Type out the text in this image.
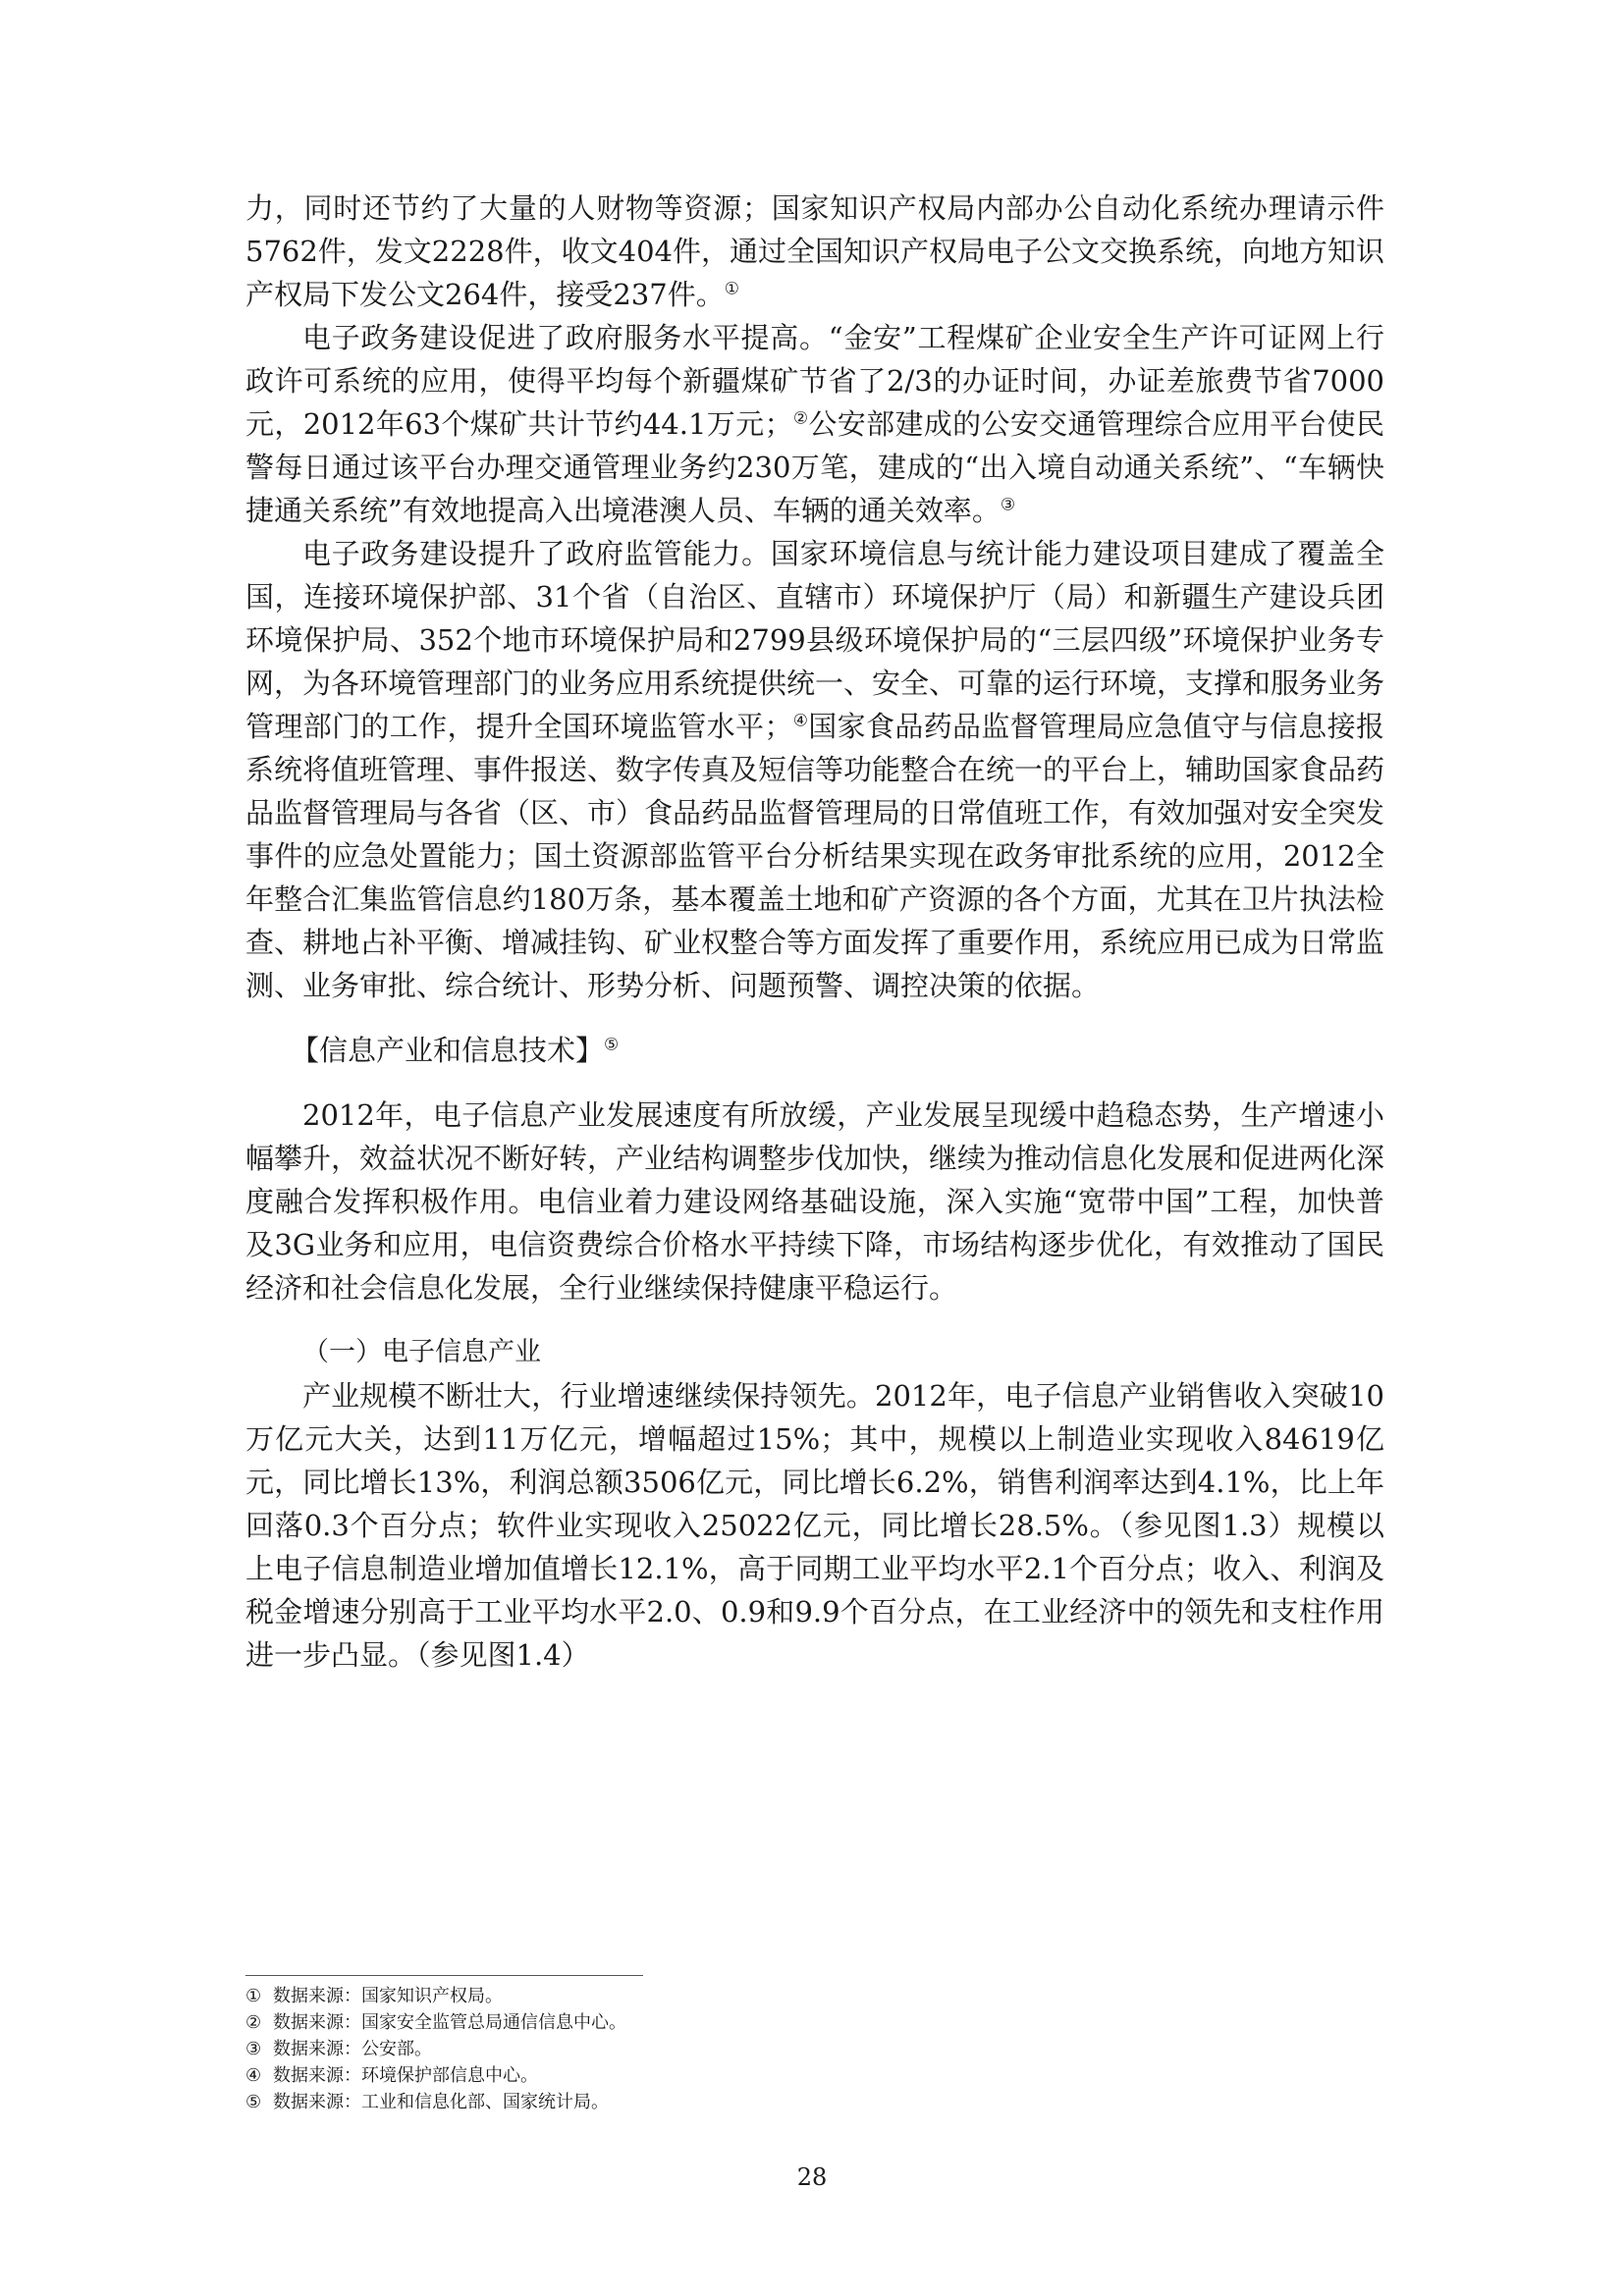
力，同时还节约了大量的人财物等资源；国家知识产权局内部办公自动化系统办理请示件5762件，发文2228件，收文404件，通过全国知识产权局电子公文交换系统，向地方知识产权局下发公文264件，接受237件。①

电子政务建设促进了政府服务水平提高。“金安”工程煤矿企业安全生产许可证网上行政许可系统的应用，使得平均每个新疆煤矿节省了2/3的办证时间，办证差旅费节省7000元，2012年63个煤矿共计节约44.1万元；②公安部建成的公安交通管理综合应用平台使民警每日通过该平台办理交通管理业务约230万笔，建成的“出入境自动通关系统”、“车辆快捷通关系统”有效地提高入出境港澳人员、车辆的通关效率。③

电子政务建设提升了政府监管能力。国家环境信息与统计能力建设项目建成了覆盖全国，连接环境保护部、31个省（自治区、直辖市）环境保护厅（局）和新疆生产建设兵团环境保护局、352个地市环境保护局和2799县级环境保护局的“三层四级”环境保护业务专网，为各环境管理部门的业务应用系统提供统一、安全、可靠的运行环境，支撑和服务业务管理部门的工作，提升全国环境监管水平；④国家食品药品监督管理局应急值守与信息接报系统将值班管理、事件报送、数字传真及短信等功能整合在统一的平台上，辅助国家食品药品监督管理局与各省（区、市）食品药品监督管理局的日常值班工作，有效加强对安全突发事件的应急处置能力；国土资源部监管平台分析结果实现在政务审批系统的应用，2012全年整合汇集监管信息约180万条，基本覆盖土地和矿产资源的各个方面，尤其在卫片执法检查、耕地占补平衡、增减挂钩、矿业权整合等方面发挥了重要作用，系统应用已成为日常监测、业务审批、综合统计、形势分析、问题预警、调控决策的依据。

【信息产业和信息技术】⑤

2012年，电子信息产业发展速度有所放缓，产业发展呈现缓中趋稳态势，生产增速小幅攀升，效益状况不断好转，产业结构调整步伐加快，继续为推动信息化发展和促进两化深度融合发挥积极作用。电信业着力建设网络基础设施，深入实施“宽带中国”工程，加快普及3G业务和应用，电信资费综合价格水平持续下降，市场结构逐步优化，有效推动了国民经济和社会信息化发展，全行业继续保持健康平稳运行。

（一）电子信息产业

产业规模不断壮大，行业增速继续保持领先。2012年，电子信息产业销售收入突破10万亿元大关，达到11万亿元，增幅超过15%；其中，规模以上制造业实现收入84619亿元，同比增长13%，利润总额3506亿元，同比增长6.2%，销售利润率达到4.1%，比上年回落0.3个百分点；软件业实现收入25022亿元，同比增长28.5%。（参见图1.3）规模以上电子信息制造业增加值增长12.1%，高于同期工业平均水平2.1个百分点；收入、利润及税金增速分别高于工业平均水平2.0、0.9和9.9个百分点，在工业经济中的领先和支柱作用进一步凸显。（参见图1.4）

① 数据来源：国家知识产权局。

② 数据来源：国家安全监管总局通信信息中心。

③ 数据来源：公安部。

④ 数据来源：环境保护部信息中心。

⑤ 数据来源：工业和信息化部、国家统计局。

28
